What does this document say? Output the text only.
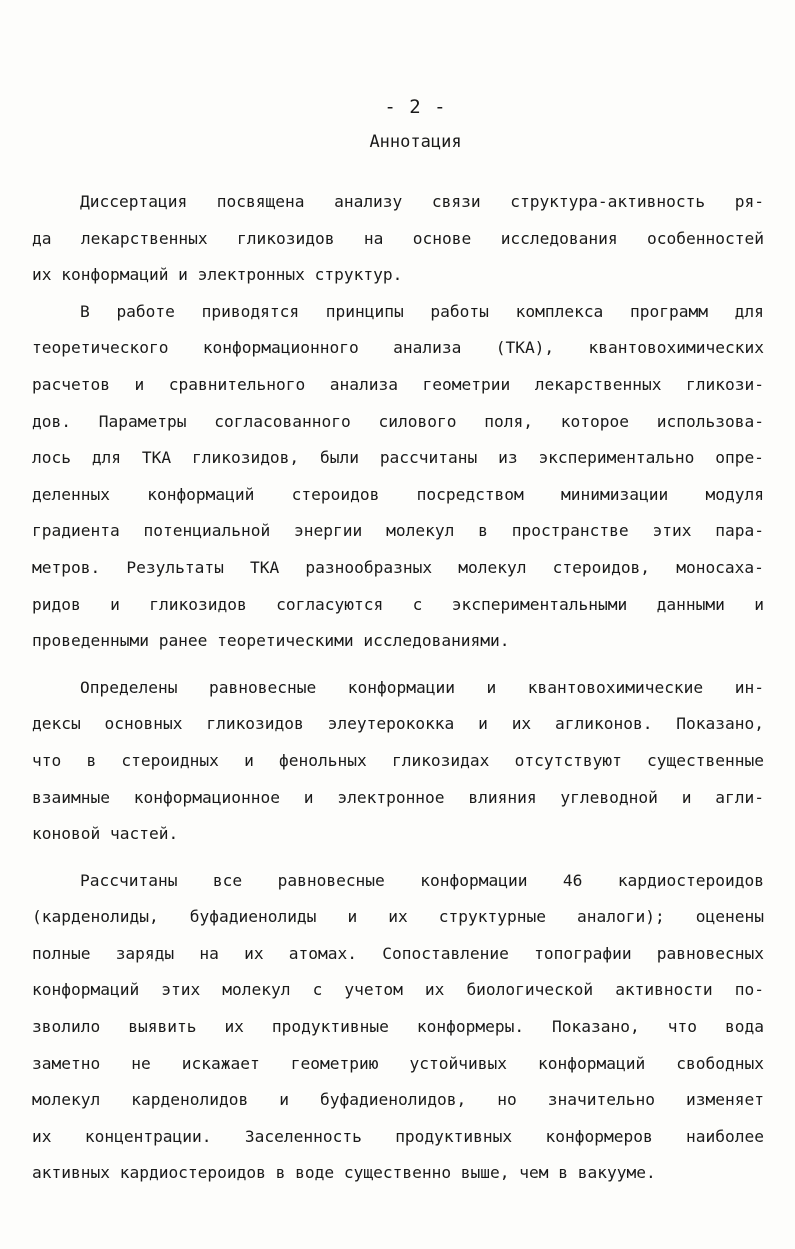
- 2 -
Аннотация
Диссертация посвящена анализу связи структура-активность ря-
да лекарственных гликозидов на основе исследования особенностей
их конформаций и электронных структур.
В работе приводятся принципы работы комплекса программ для
теоретического конформационного анализа (ТКА), квантовохимических
расчетов и сравнительного анализа геометрии лекарственных гликози-
дов. Параметры согласованного силового поля, которое использова-
лось для ТКА гликозидов, были рассчитаны из экспериментально опре-
деленных конформаций стероидов посредством минимизации модуля
градиента потенциальной энергии молекул в пространстве этих пара-
метров. Результаты ТКА разнообразных молекул стероидов, моносаха-
ридов и гликозидов согласуются с экспериментальными данными и
проведенными ранее теоретическими исследованиями.
Определены равновесные конформации и квантовохимические ин-
дексы основных гликозидов элеутерококка и их агликонов. Показано,
что в стероидных и фенольных гликозидах отсутствуют существенные
взаимные конформационное и электронное влияния углеводной и агли-
коновой частей.
Рассчитаны все равновесные конформации 46 кардиостероидов
(карденолиды, буфадиенолиды и их структурные аналоги); оценены
полные заряды на их атомах. Сопоставление топографии равновесных
конформаций этих молекул с учетом их биологической активности по-
зволило выявить их продуктивные конформеры. Показано, что вода
заметно не искажает геометрию устойчивых конформаций свободных
молекул карденолидов и буфадиенолидов, но значительно изменяет
их концентрации. Заселенность продуктивных конформеров наиболее
активных кардиостероидов в воде существенно выше, чем в вакууме.
